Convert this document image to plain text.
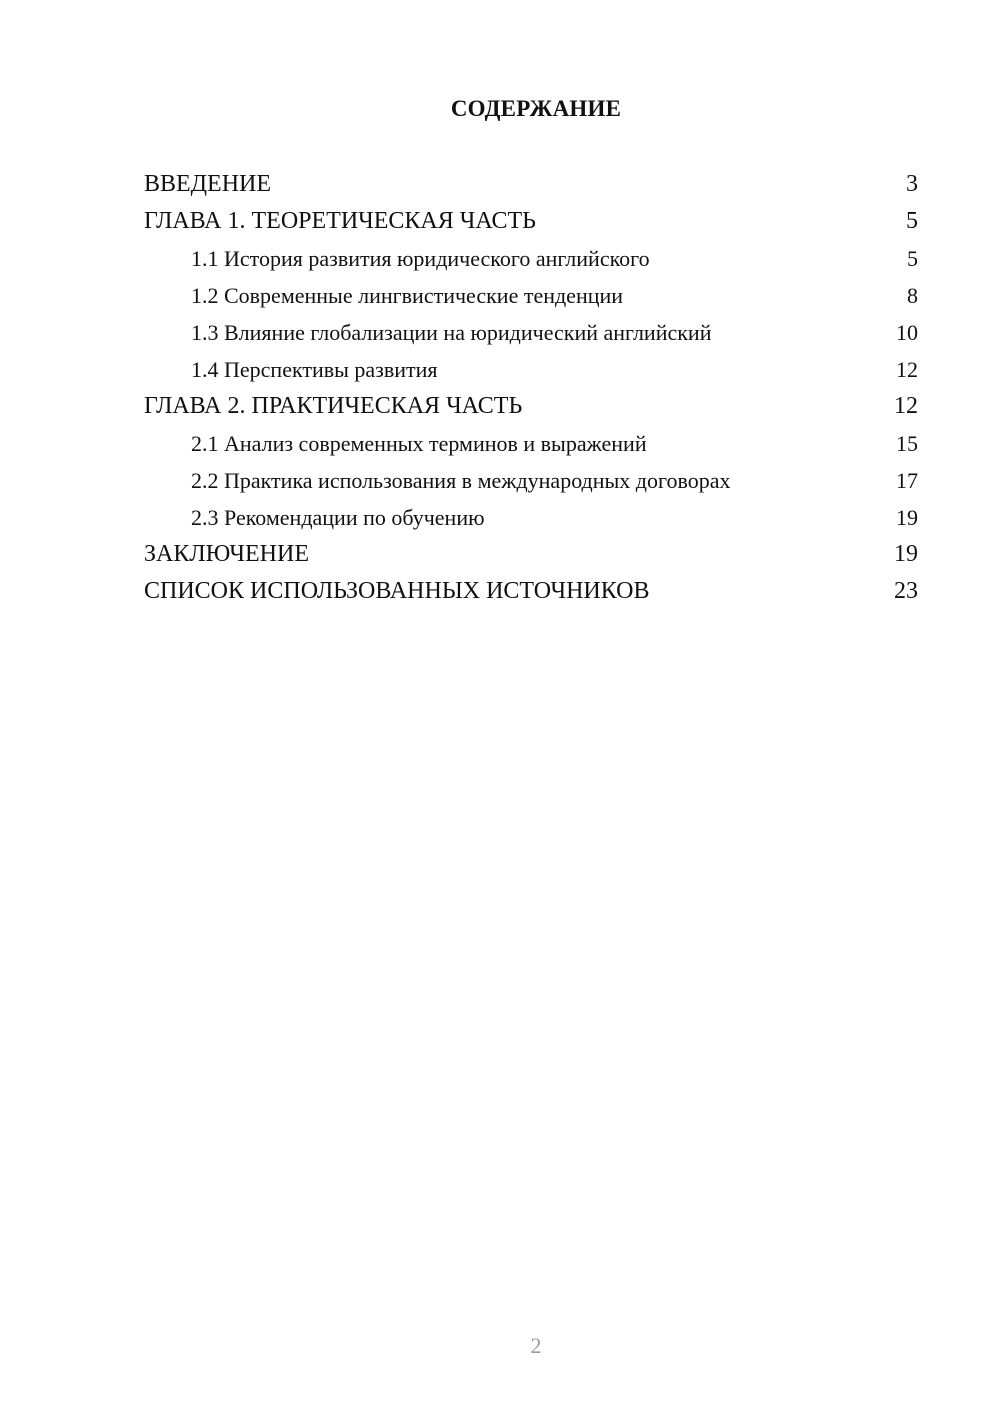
СОДЕРЖАНИЕ
ВВЕДЕНИЕ	3
ГЛАВА 1. ТЕОРЕТИЧЕСКАЯ ЧАСТЬ	5
1.1 История развития юридического английского	5
1.2 Современные лингвистические тенденции	8
1.3 Влияние глобализации на юридический английский	10
1.4 Перспективы развития	12
ГЛАВА 2. ПРАКТИЧЕСКАЯ ЧАСТЬ	12
2.1 Анализ современных терминов и выражений	15
2.2 Практика использования в международных договорах	17
2.3 Рекомендации по обучению	19
ЗАКЛЮЧЕНИЕ	19
СПИСОК ИСПОЛЬЗОВАННЫХ ИСТОЧНИКОВ	23
2
